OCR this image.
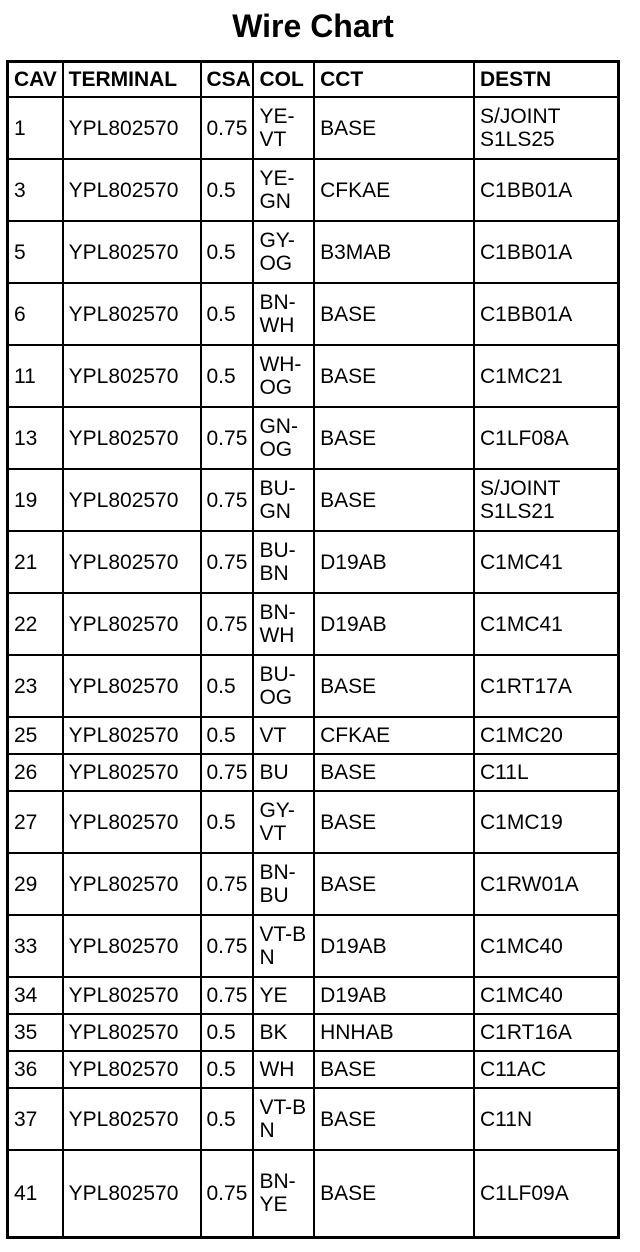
Wire Chart
CAV	TERMINAL	CSA	COL	CCT	DESTN
1	YPL802570	0.75	YE-VT	BASE	S/JOINT S1LS25
3	YPL802570	0.5	YE-GN	CFKAE	C1BB01A
5	YPL802570	0.5	GY-OG	B3MAB	C1BB01A
6	YPL802570	0.5	BN-WH	BASE	C1BB01A
11	YPL802570	0.5	WH-OG	BASE	C1MC21
13	YPL802570	0.75	GN-OG	BASE	C1LF08A
19	YPL802570	0.75	BU-GN	BASE	S/JOINT S1LS21
21	YPL802570	0.75	BU-BN	D19AB	C1MC41
22	YPL802570	0.75	BN-WH	D19AB	C1MC41
23	YPL802570	0.5	BU-OG	BASE	C1RT17A
25	YPL802570	0.5	VT	CFKAE	C1MC20
26	YPL802570	0.75	BU	BASE	C11L
27	YPL802570	0.5	GY-VT	BASE	C1MC19
29	YPL802570	0.75	BN-BU	BASE	C1RW01A
33	YPL802570	0.75	VT-BN	D19AB	C1MC40
34	YPL802570	0.75	YE	D19AB	C1MC40
35	YPL802570	0.5	BK	HNHAB	C1RT16A
36	YPL802570	0.5	WH	BASE	C11AC
37	YPL802570	0.5	VT-BN	BASE	C11N
41	YPL802570	0.75	BN-YE	BASE	C1LF09A
